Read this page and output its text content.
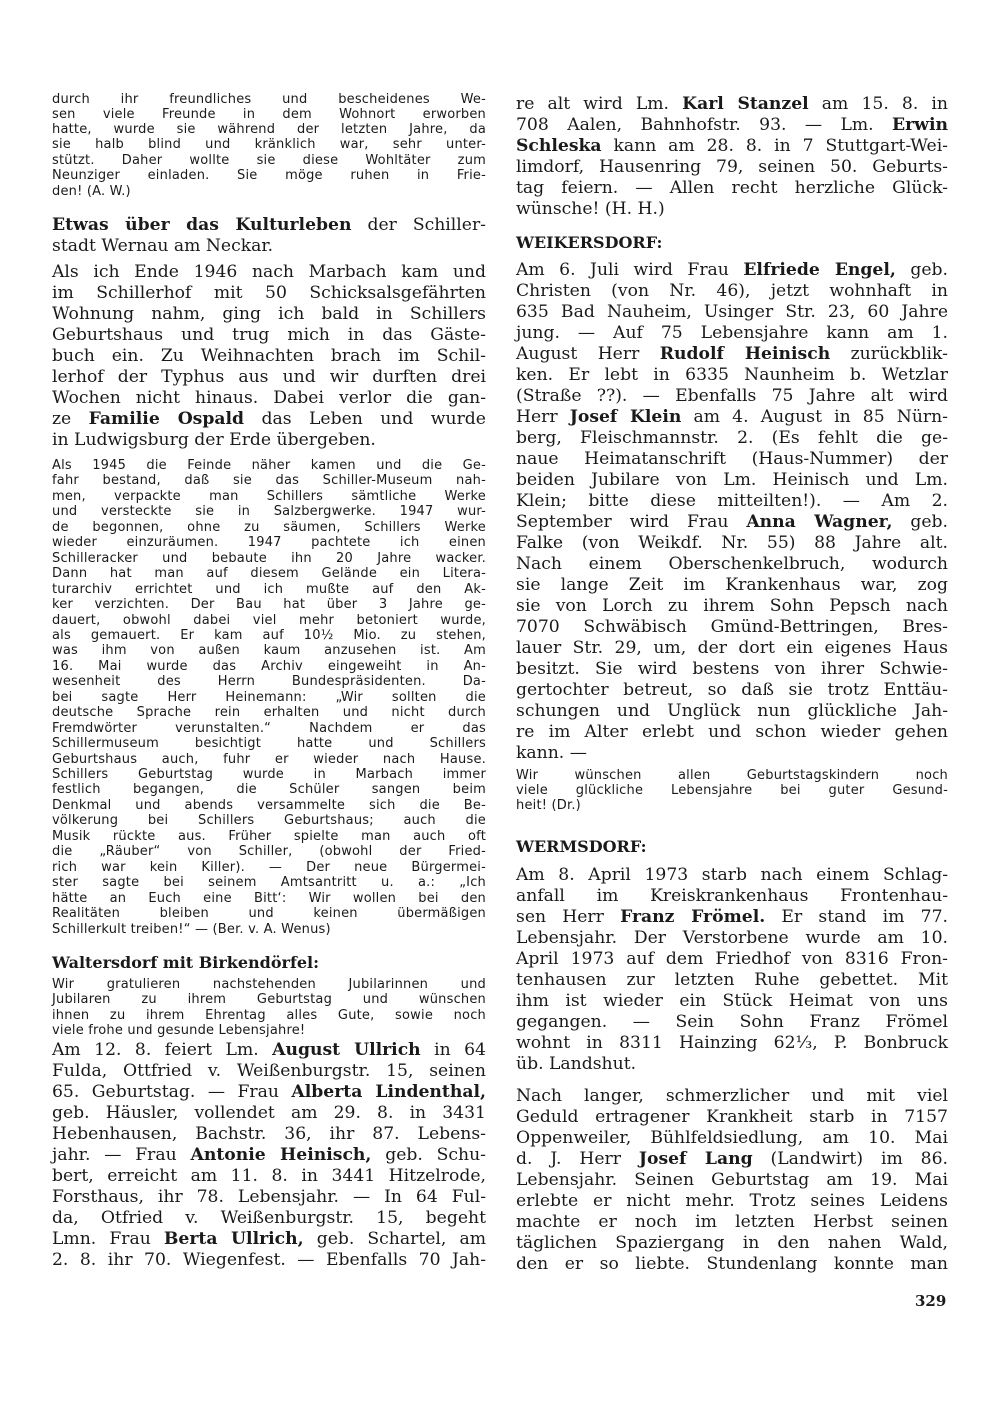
durch ihr freundliches und bescheidenes We-
sen viele Freunde in dem Wohnort erworben
hatte, wurde sie während der letzten Jahre, da
sie halb blind und kränklich war, sehr unter-
stützt. Daher wollte sie diese Wohltäter zum
Neunziger einladen. Sie möge ruhen in Frie-
den! (A. W.)
Etwas über das Kulturleben der Schiller-
stadt Wernau am Neckar.
Als ich Ende 1946 nach Marbach kam und
im Schillerhof mit 50 Schicksalsgefährten
Wohnung nahm, ging ich bald in Schillers
Geburtshaus und trug mich in das Gäste-
buch ein. Zu Weihnachten brach im Schil-
lerhof der Typhus aus und wir durften drei
Wochen nicht hinaus. Dabei verlor die gan-
ze Familie Ospald das Leben und wurde
in Ludwigsburg der Erde übergeben.
Als 1945 die Feinde näher kamen und die Ge-
fahr bestand, daß sie das Schiller-Museum nah-
men, verpackte man Schillers sämtliche Werke
und versteckte sie in Salzbergwerke. 1947 wur-
de begonnen, ohne zu säumen, Schillers Werke
wieder einzuräumen. 1947 pachtete ich einen
Schilleracker und bebaute ihn 20 Jahre wacker.
Dann hat man auf diesem Gelände ein Litera-
turarchiv errichtet und ich mußte auf den Ak-
ker verzichten. Der Bau hat über 3 Jahre ge-
dauert, obwohl dabei viel mehr betoniert wurde,
als gemauert. Er kam auf 10½ Mio. zu stehen,
was ihm von außen kaum anzusehen ist. Am
16. Mai wurde das Archiv eingeweiht in An-
wesenheit des Herrn Bundespräsidenten. Da-
bei sagte Herr Heinemann: „Wir sollten die
deutsche Sprache rein erhalten und nicht durch
Fremdwörter verunstalten.“ Nachdem er das
Schillermuseum besichtigt hatte und Schillers
Geburtshaus auch, fuhr er wieder nach Hause.
Schillers Geburtstag wurde in Marbach immer
festlich begangen, die Schüler sangen beim
Denkmal und abends versammelte sich die Be-
völkerung bei Schillers Geburtshaus; auch die
Musik rückte aus. Früher spielte man auch oft
die „Räuber“ von Schiller, (obwohl der Fried-
rich war kein Killer). — Der neue Bürgermei-
ster sagte bei seinem Amtsantritt u. a.: „Ich
hätte an Euch eine Bitt‘: Wir wollen bei den
Realitäten bleiben und keinen übermäßigen
Schillerkult treiben!“ — (Ber. v. A. Wenus)
Waltersdorf mit Birkendörfel:
Wir gratulieren nachstehenden Jubilarinnen und
Jubilaren zu ihrem Geburtstag und wünschen
ihnen zu ihrem Ehrentag alles Gute, sowie noch
viele frohe und gesunde Lebensjahre!
Am 12. 8. feiert Lm. August Ullrich in 64
Fulda, Ottfried v. Weißenburgstr. 15, seinen
65. Geburtstag. — Frau Alberta Lindenthal,
geb. Häusler, vollendet am 29. 8. in 3431
Hebenhausen, Bachstr. 36, ihr 87. Lebens-
jahr. — Frau Antonie Heinisch, geb. Schu-
bert, erreicht am 11. 8. in 3441 Hitzelrode,
Forsthaus, ihr 78. Lebensjahr. — In 64 Ful-
da, Otfried v. Weißenburgstr. 15, begeht
Lmn. Frau Berta Ullrich, geb. Schartel, am
2. 8. ihr 70. Wiegenfest. — Ebenfalls 70 Jah-
re alt wird Lm. Karl Stanzel am 15. 8. in
708 Aalen, Bahnhofstr. 93. — Lm. Erwin
Schleska kann am 28. 8. in 7 Stuttgart-Wei-
limdorf, Hausenring 79, seinen 50. Geburts-
tag feiern. — Allen recht herzliche Glück-
wünsche! (H. H.)
WEIKERSDORF:
Am 6. Juli wird Frau Elfriede Engel, geb.
Christen (von Nr. 46), jetzt wohnhaft in
635 Bad Nauheim, Usinger Str. 23, 60 Jahre
jung. — Auf 75 Lebensjahre kann am 1.
August Herr Rudolf Heinisch zurückblik-
ken. Er lebt in 6335 Naunheim b. Wetzlar
(Straße ??). — Ebenfalls 75 Jahre alt wird
Herr Josef Klein am 4. August in 85 Nürn-
berg, Fleischmannstr. 2. (Es fehlt die ge-
naue Heimatanschrift (Haus-Nummer) der
beiden Jubilare von Lm. Heinisch und Lm.
Klein; bitte diese mitteilten!). — Am 2.
September wird Frau Anna Wagner, geb.
Falke (von Weikdf. Nr. 55) 88 Jahre alt.
Nach einem Oberschenkelbruch, wodurch
sie lange Zeit im Krankenhaus war, zog
sie von Lorch zu ihrem Sohn Pepsch nach
7070 Schwäbisch Gmünd-Bettringen, Bres-
lauer Str. 29, um, der dort ein eigenes Haus
besitzt. Sie wird bestens von ihrer Schwie-
gertochter betreut, so daß sie trotz Enttäu-
schungen und Unglück nun glückliche Jah-
re im Alter erlebt und schon wieder gehen
kann. —
Wir wünschen allen Geburtstagskindern noch
viele glückliche Lebensjahre bei guter Gesund-
heit! (Dr.)
WERMSDORF:
Am 8. April 1973 starb nach einem Schlag-
anfall im Kreiskrankenhaus Frontenhau-
sen Herr Franz Frömel. Er stand im 77.
Lebensjahr. Der Verstorbene wurde am 10.
April 1973 auf dem Friedhof von 8316 Fron-
tenhausen zur letzten Ruhe gebettet. Mit
ihm ist wieder ein Stück Heimat von uns
gegangen. — Sein Sohn Franz Frömel
wohnt in 8311 Hainzing 62⅓, P. Bonbruck
üb. Landshut.
Nach langer, schmerzlicher und mit viel
Geduld ertragener Krankheit starb in 7157
Oppenweiler, Bühlfeldsiedlung, am 10. Mai
d. J. Herr Josef Lang (Landwirt) im 86.
Lebensjahr. Seinen Geburtstag am 19. Mai
erlebte er nicht mehr. Trotz seines Leidens
machte er noch im letzten Herbst seinen
täglichen Spaziergang in den nahen Wald,
den er so liebte. Stundenlang konnte man
329
